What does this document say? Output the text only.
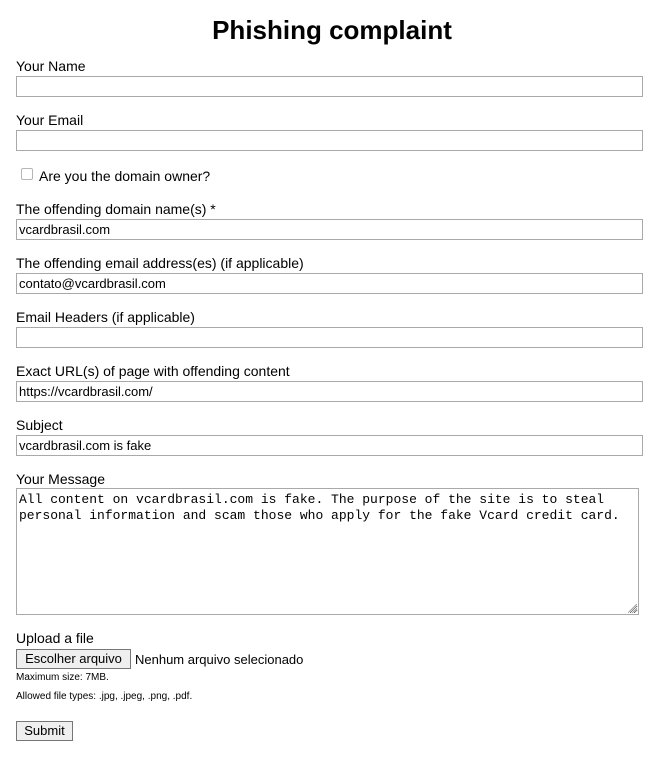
Phishing complaint
Your Name
Your Email
Are you the domain owner?
The offending domain name(s) *
vcardbrasil.com
The offending email address(es) (if applicable)
contato@vcardbrasil.com
Email Headers (if applicable)
Exact URL(s) of page with offending content
https://vcardbrasil.com/
Subject
vcardbrasil.com is fake
Your Message
All content on vcardbrasil.com is fake. The purpose of the site is to steal personal information and scam those who apply for the fake Vcard credit card.
Upload a file
Escolher arquivo	Nenhum arquivo selecionado
Maximum size: 7MB.
Allowed file types: .jpg, .jpeg, .png, .pdf.
Submit
